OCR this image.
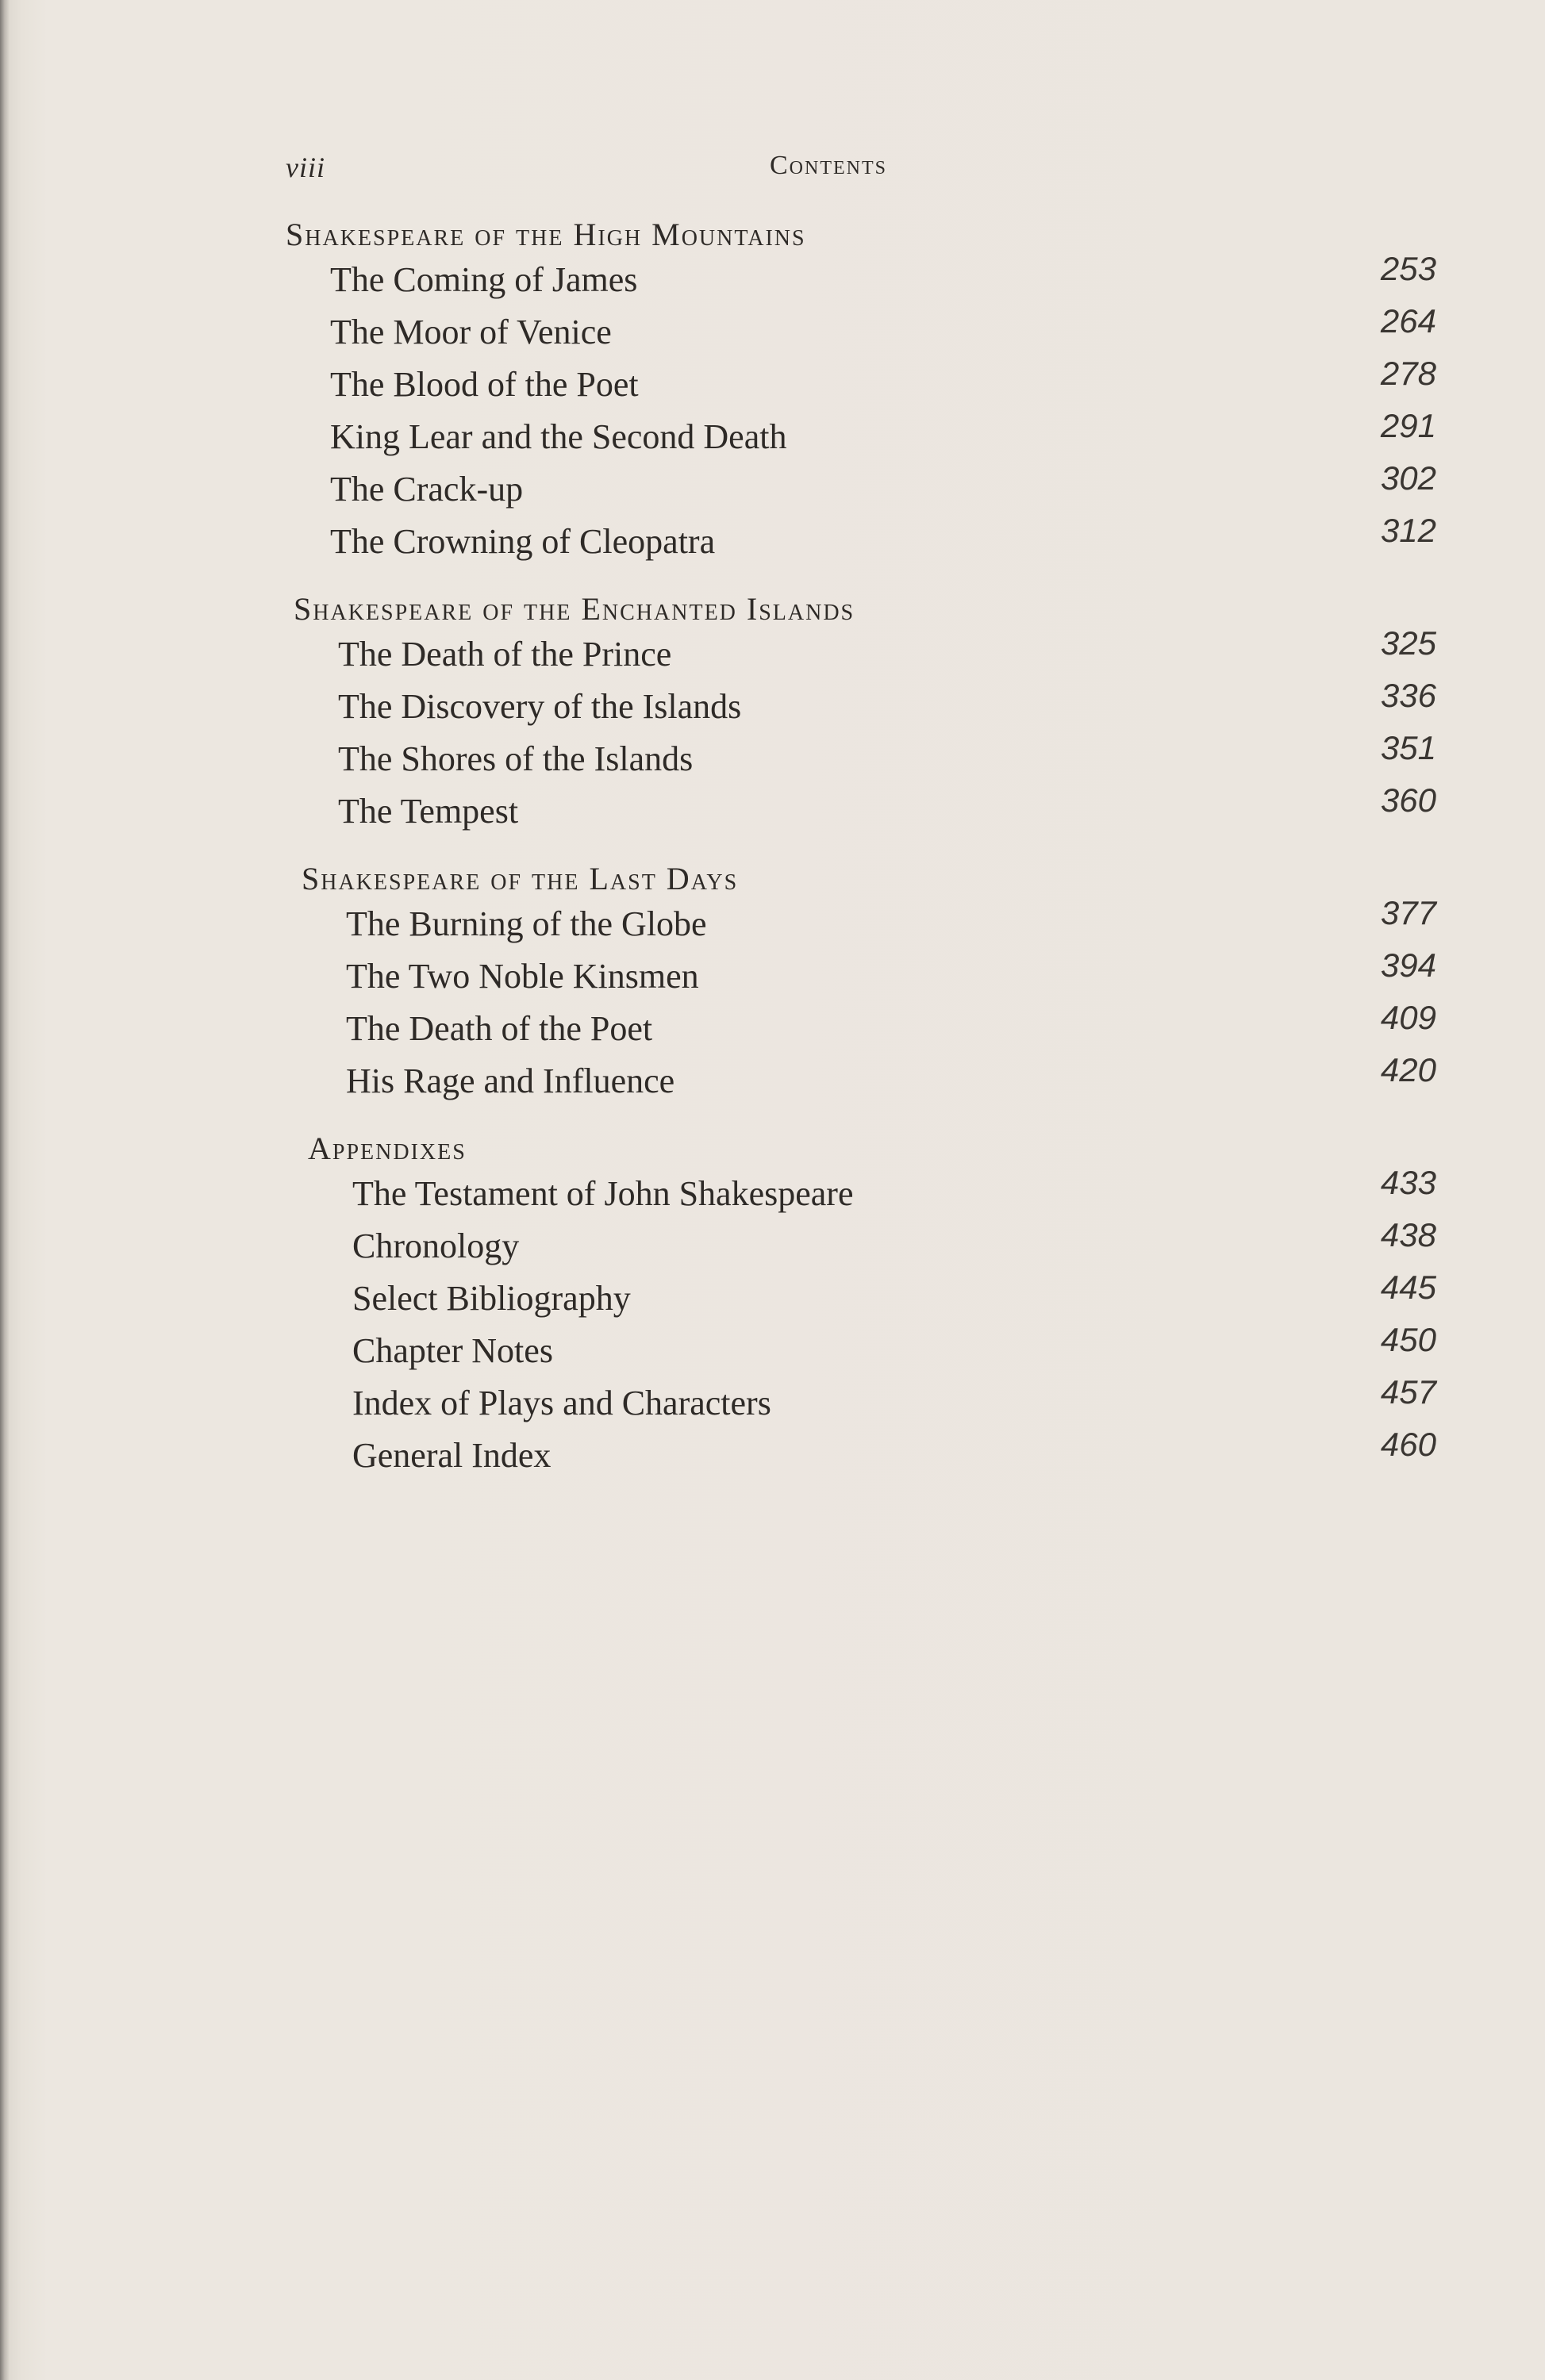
viii	Contents
Shakespeare of the High Mountains
The Coming of James	253
The Moor of Venice	264
The Blood of the Poet	278
King Lear and the Second Death	291
The Crack-up	302
The Crowning of Cleopatra	312
Shakespeare of the Enchanted Islands
The Death of the Prince	325
The Discovery of the Islands	336
The Shores of the Islands	351
The Tempest	360
Shakespeare of the Last Days
The Burning of the Globe	377
The Two Noble Kinsmen	394
The Death of the Poet	409
His Rage and Influence	420
Appendixes
The Testament of John Shakespeare	433
Chronology	438
Select Bibliography	445
Chapter Notes	450
Index of Plays and Characters	457
General Index	460
